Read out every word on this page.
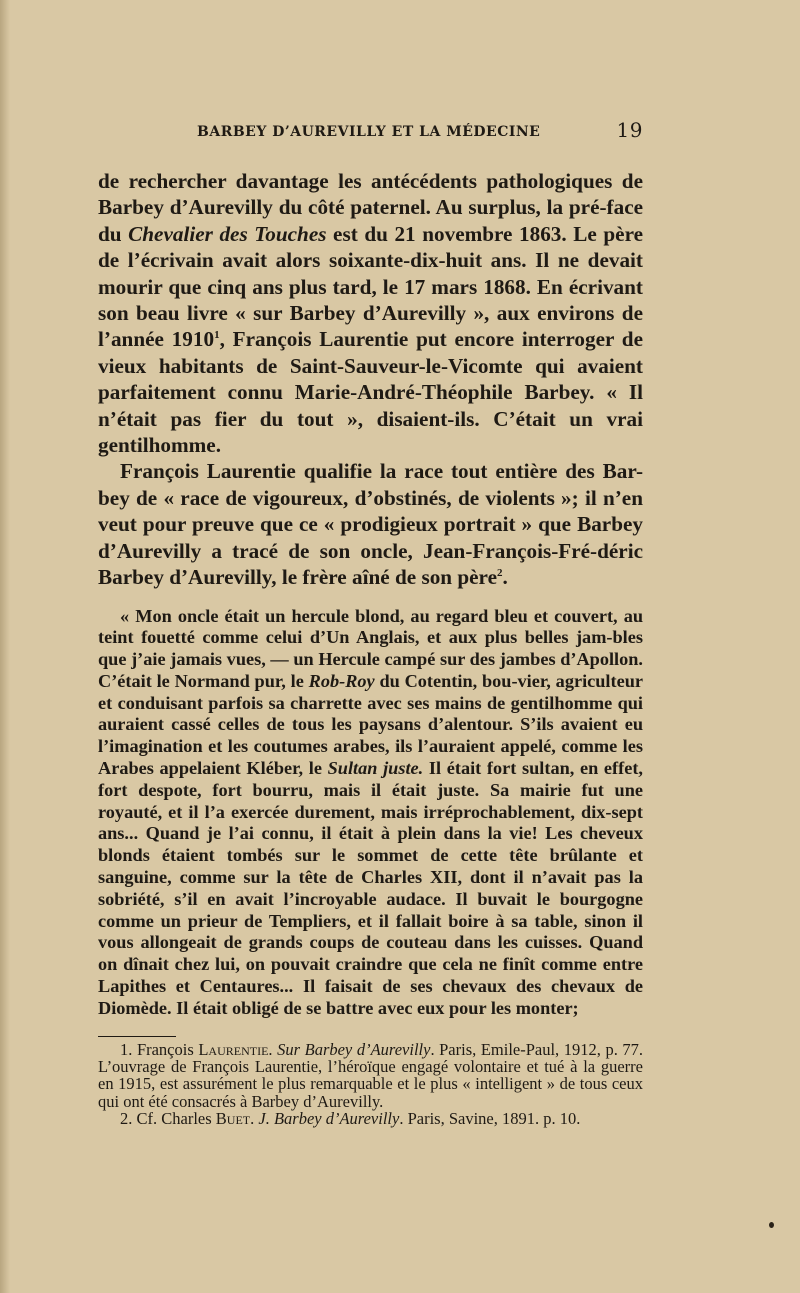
BARBEY D’AUREVILLY ET LA MÉDECINE	19

de rechercher davantage les antécédents pathologiques de Barbey d’Aurevilly du côté paternel. Au surplus, la pré-face du Chevalier des Touches est du 21 novembre 1863. Le père de l’écrivain avait alors soixante-dix-huit ans. Il ne devait mourir que cinq ans plus tard, le 17 mars 1868. En écrivant son beau livre « sur Barbey d’Aurevilly », aux environs de l’année 1910$^1$, François Laurentie put encore interroger de vieux habitants de Saint-Sauveur-le-Vicomte qui avaient parfaitement connu Marie-André-Théophile Barbey. « Il n’était pas fier du tout », disaient-ils. C’était un vrai gentilhomme.

François Laurentie qualifie la race tout entière des Bar-bey de « race de vigoureux, d’obstinés, de violents »; il n’en veut pour preuve que ce « prodigieux portrait » que Barbey d’Aurevilly a tracé de son oncle, Jean-François-Fré-déric Barbey d’Aurevilly, le frère aîné de son père$^2$.

« Mon oncle était un hercule blond, au regard bleu et couvert, au teint fouetté comme celui d’Un Anglais, et aux plus belles jam-bles que j’aie jamais vues, — un Hercule campé sur des jambes d’Apollon. C’était le Normand pur, le Rob-Roy du Cotentin, bou-vier, agriculteur et conduisant parfois sa charrette avec ses mains de gentilhomme qui auraient cassé celles de tous les paysans d’alentour. S’ils avaient eu l’imagination et les coutumes arabes, ils l’auraient appelé, comme les Arabes appelaient Kléber, le Sultan juste. Il était fort sultan, en effet, fort despote, fort bourru, mais il était juste. Sa mairie fut une royauté, et il l’a exercée durement, mais irréprochablement, dix-sept ans... Quand je l’ai connu, il était à plein dans la vie! Les cheveux blonds étaient tombés sur le sommet de cette tête brûlante et sanguine, comme sur la tête de Charles XII, dont il n’avait pas la sobriété, s’il en avait l’incroyable audace. Il buvait le bourgogne comme un prieur de Templiers, et il fallait boire à sa table, sinon il vous allongeait de grands coups de couteau dans les cuisses. Quand on dînait chez lui, on pouvait craindre que cela ne finît comme entre Lapithes et Centaures... Il faisait de ses chevaux des chevaux de Diomède. Il était obligé de se battre avec eux pour les monter;

1. François Laurentie. Sur Barbey d’Aurevilly. Paris, Emile-Paul, 1912, p. 77. L’ouvrage de François Laurentie, l’héroïque engagé volontaire et tué à la guerre en 1915, est assurément le plus remarquable et le plus « intelligent » de tous ceux qui ont été consacrés à Barbey d’Aurevilly.

2. Cf. Charles Buet. J. Barbey d’Aurevilly. Paris, Savine, 1891. p. 10.
